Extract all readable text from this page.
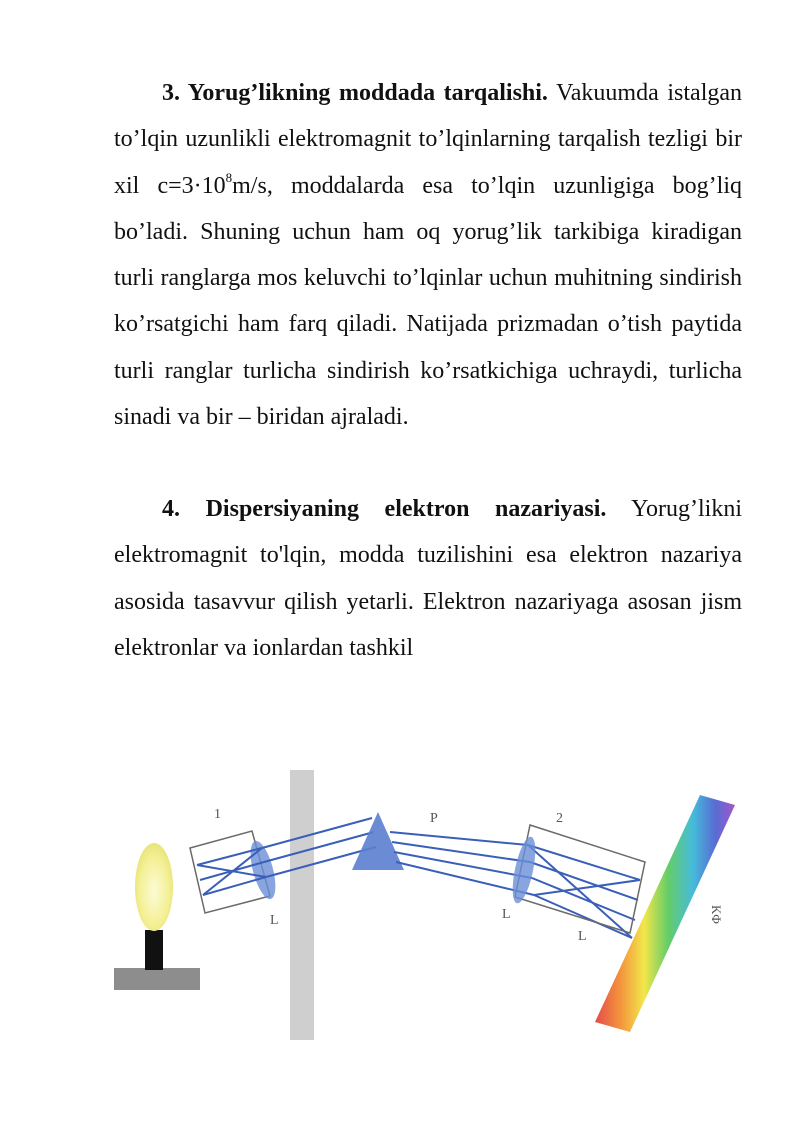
3. Yorug’likning moddada tarqalishi. Vakuumda istalgan to’lqin uzunlikli elektromagnit to’lqinlarning tarqalish tezligi bir xil $c=3\cdot 10^8m/s$, moddalarda esa to’lqin uzunligiga bog’liq bo’ladi. Shuning uchun ham oq yorug’lik tarkibiga kiradigan turli ranglarga mos keluvchi to’lqinlar uchun muhitning sindirish ko’rsatgichi ham farq qiladi. Natijada prizmadan o’tish paytida turli ranglar turlicha sindirish ko’rsatkichiga uchraydi, turlicha sinadi va bir – biridan ajraladi.

4. Dispersiyaning elektron nazariyasi. Yorug’likni elektromagnit to'lqin, modda tuzilishini esa elektron nazariya asosida tasavvur qilish yetarli. Elektron nazariyaga asosan jism elektronlar va ionlardan tashkil

1	P	2
L	L
L
KΦ
